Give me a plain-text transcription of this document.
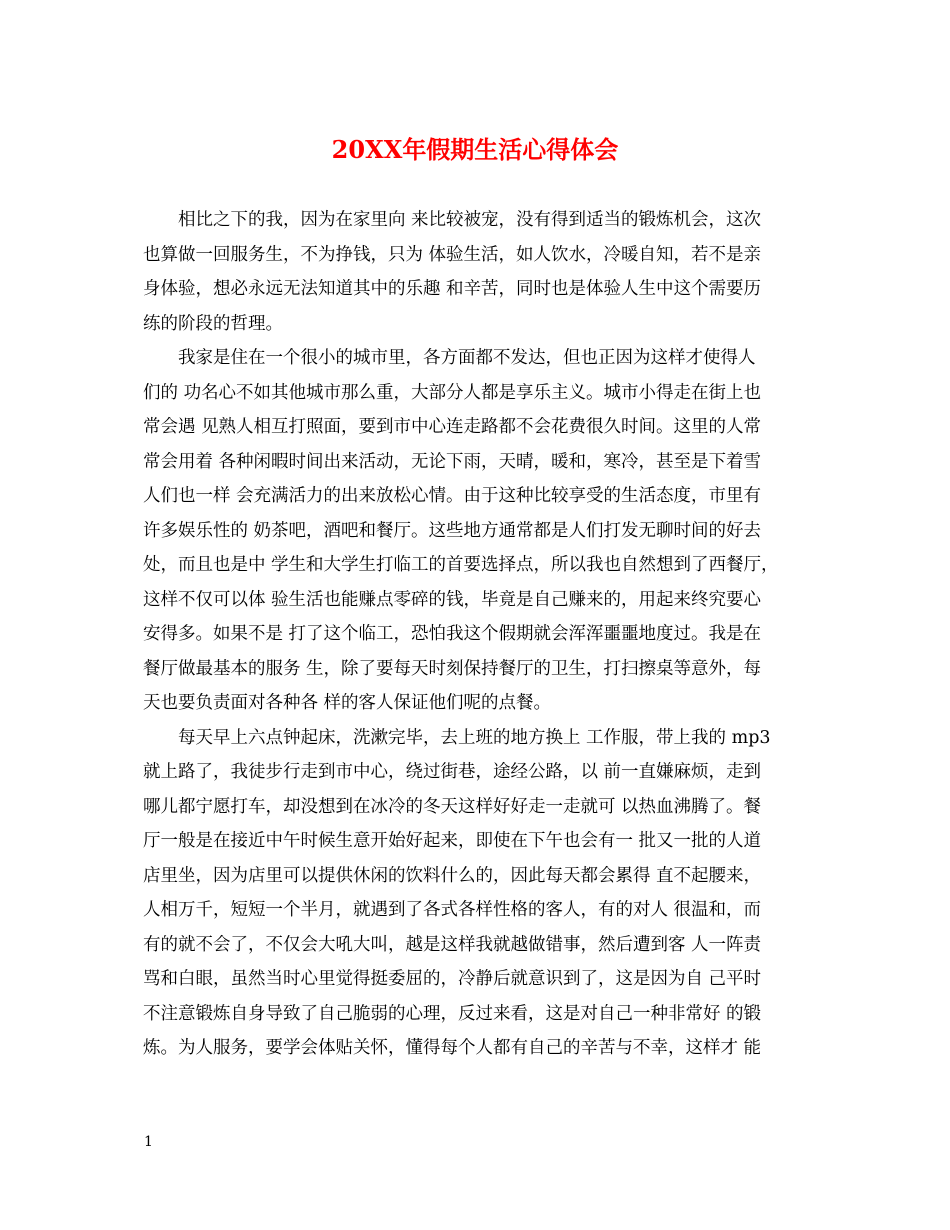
20XX年假期生活心得体会
相比之下的我，因为在家里向 来比较被宠，没有得到适当的锻炼机会，这次
也算做一回服务生，不为挣钱，只为 体验生活，如人饮水，冷暖自知，若不是亲
身体验，想必永远无法知道其中的乐趣 和辛苦，同时也是体验人生中这个需要历
练的阶段的哲理。
我家是住在一个很小的城市里，各方面都不发达，但也正因为这样才使得人
们的 功名心不如其他城市那么重，大部分人都是享乐主义。城市小得走在街上也
常会遇 见熟人相互打照面，要到市中心连走路都不会花费很久时间。这里的人常
常会用着 各种闲暇时间出来活动，无论下雨，天晴，暖和，寒冷，甚至是下着雪
人们也一样 会充满活力的出来放松心情。由于这种比较享受的生活态度，市里有
许多娱乐性的 奶茶吧，酒吧和餐厅。这些地方通常都是人们打发无聊时间的好去
处，而且也是中 学生和大学生打临工的首要选择点，所以我也自然想到了西餐厅，
这样不仅可以体 验生活也能赚点零碎的钱，毕竟是自己赚来的，用起来终究要心
安得多。如果不是 打了这个临工，恐怕我这个假期就会浑浑噩噩地度过。我是在
餐厅做最基本的服务 生，除了要每天时刻保持餐厅的卫生，打扫擦桌等意外，每
天也要负责面对各种各 样的客人保证他们呢的点餐。
每天早上六点钟起床，洗漱完毕，去上班的地方换上 工作服，带上我的 mp3
就上路了，我徒步行走到市中心，绕过街巷，途经公路，以 前一直嫌麻烦，走到
哪儿都宁愿打车，却没想到在冰冷的冬天这样好好走一走就可 以热血沸腾了。餐
厅一般是在接近中午时候生意开始好起来，即使在下午也会有一 批又一批的人道
店里坐，因为店里可以提供休闲的饮料什么的，因此每天都会累得 直不起腰来，
人相万千，短短一个半月，就遇到了各式各样性格的客人，有的对人 很温和，而
有的就不会了，不仅会大吼大叫，越是这样我就越做错事，然后遭到客 人一阵责
骂和白眼，虽然当时心里觉得挺委屈的，冷静后就意识到了，这是因为自 己平时
不注意锻炼自身导致了自己脆弱的心理，反过来看，这是对自己一种非常好 的锻
炼。为人服务，要学会体贴关怀，懂得每个人都有自己的辛苦与不幸，这样才 能
1
